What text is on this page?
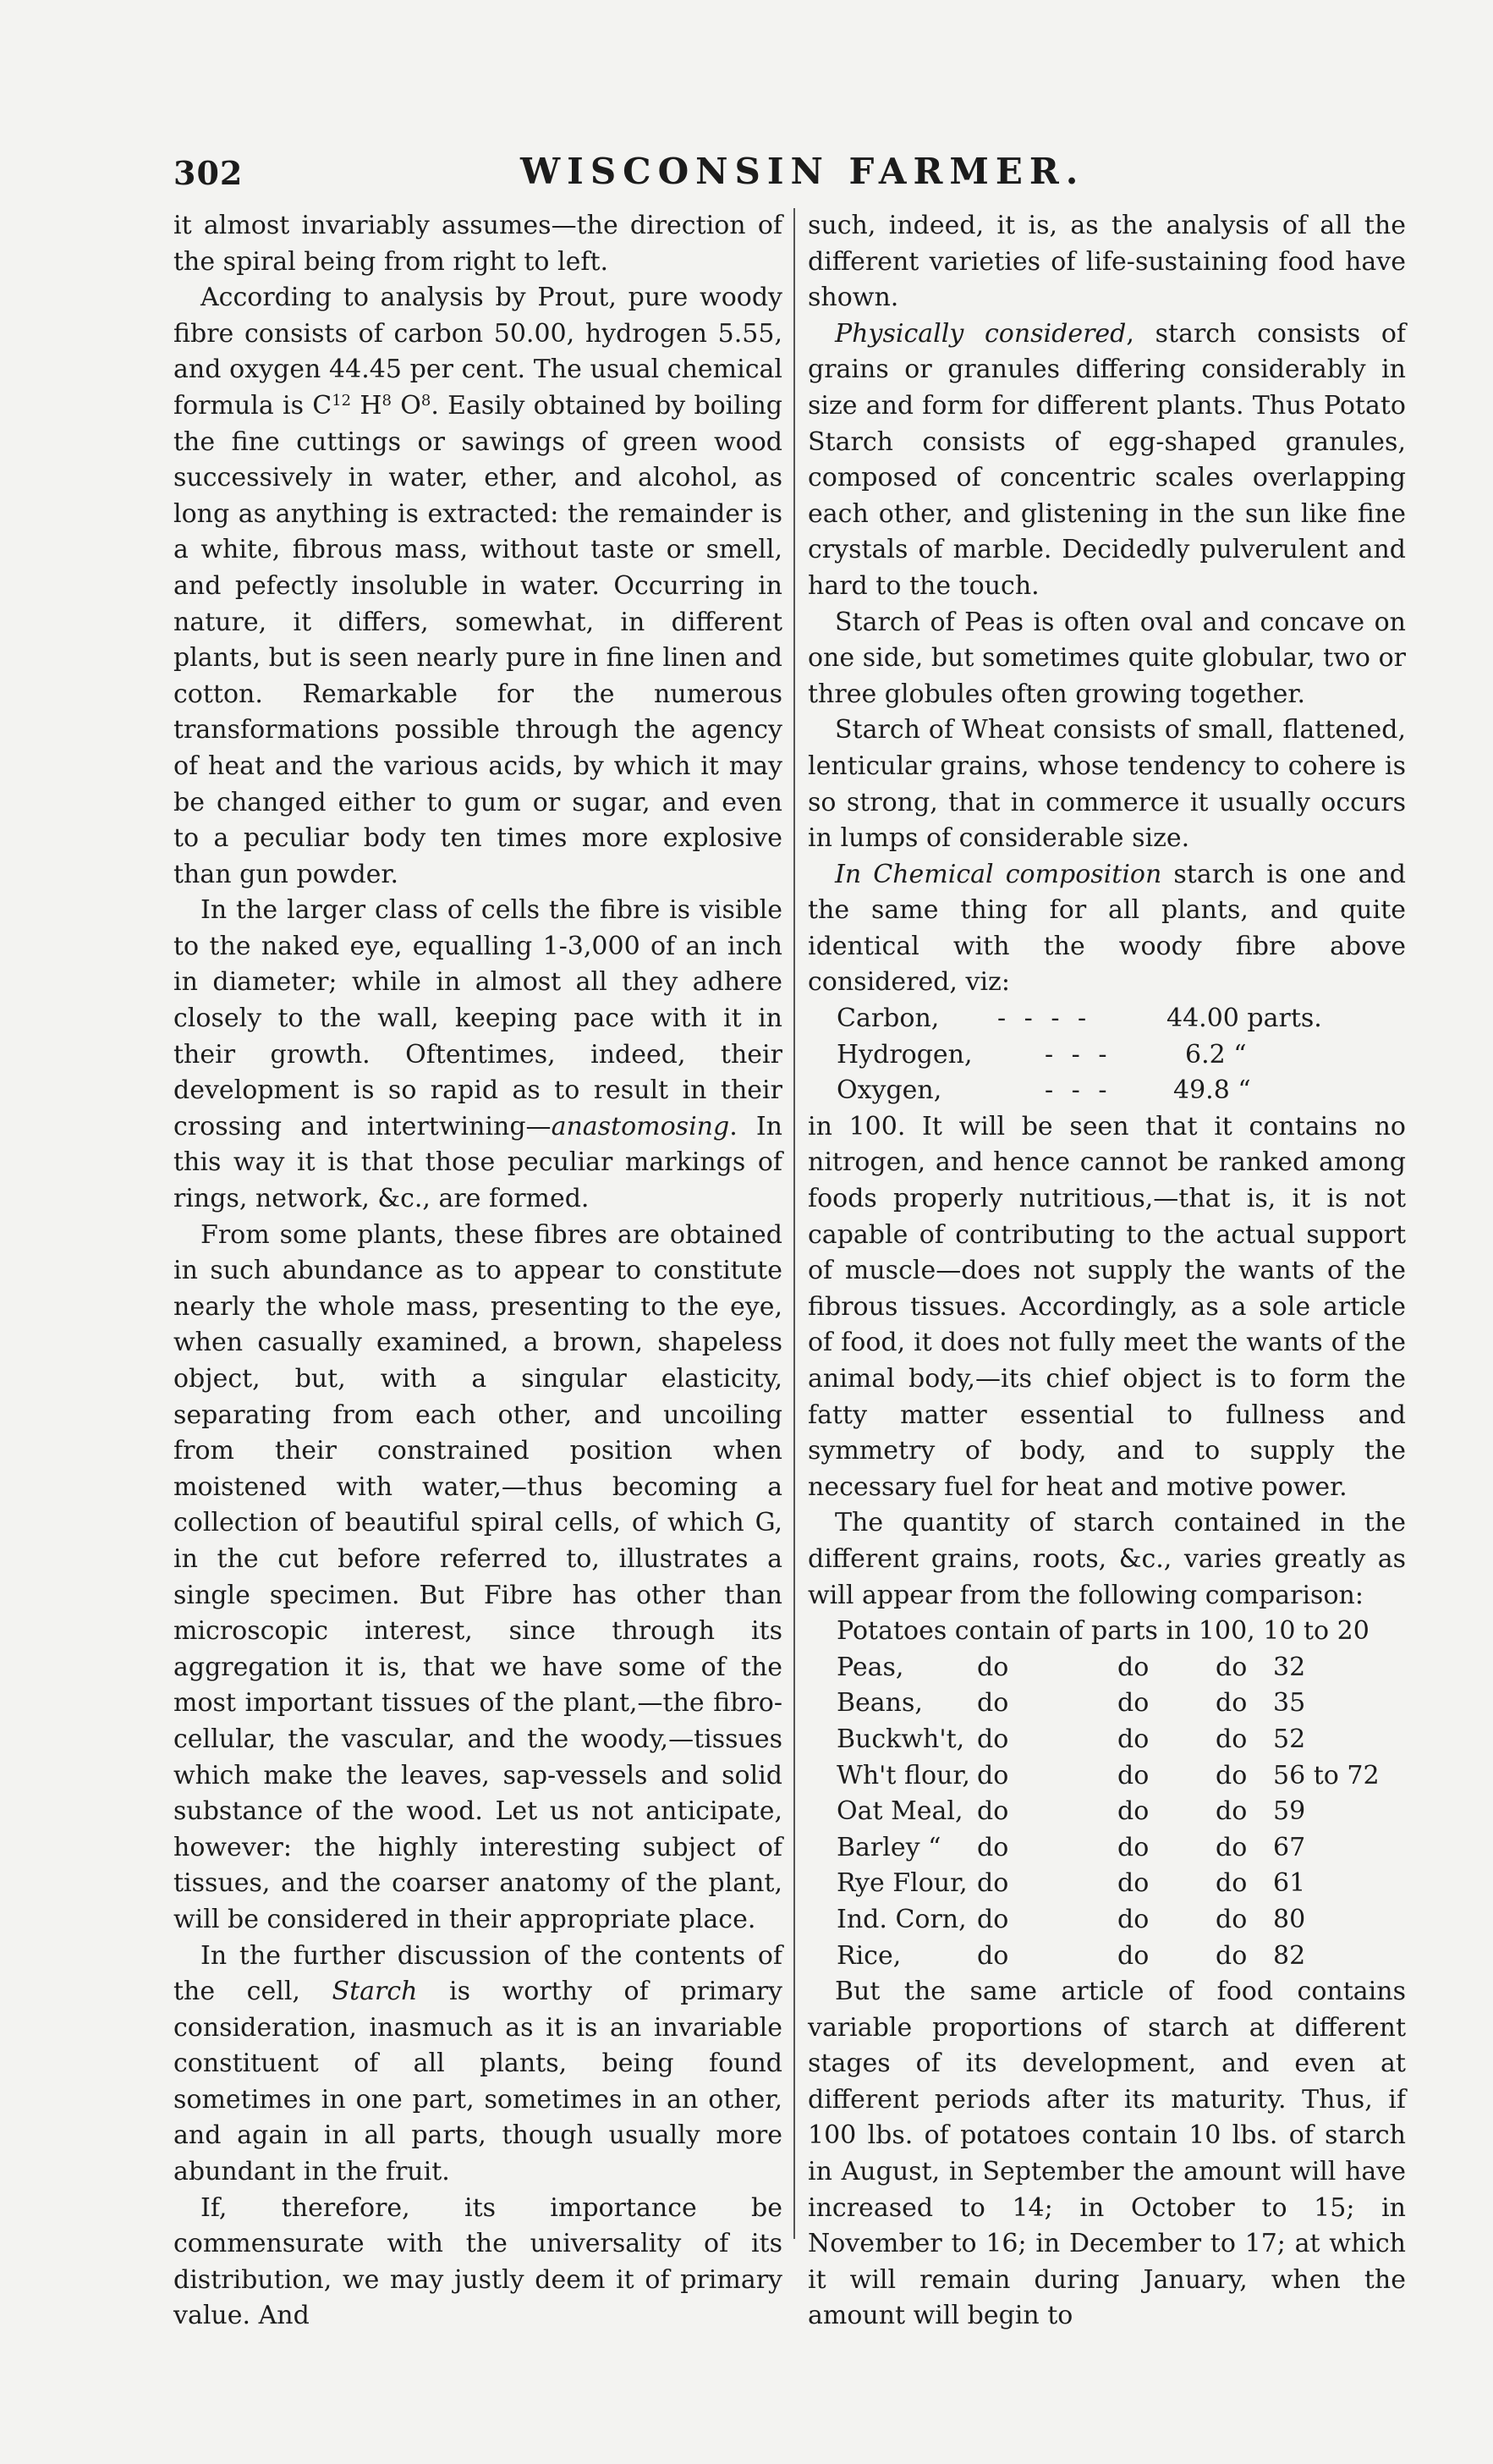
302	WISCONSIN FARMER.

it almost invariably assumes—the direction of the spiral being from right to left.

According to analysis by Prout, pure woody fibre consists of carbon 50.00, hydrogen 5.55, and oxygen 44.45 per cent. The usual chemical formula is $C^{12}$ $H^8$ $O^8$. Easily obtained by boiling the fine cuttings or sawings of green wood successively in water, ether, and alcohol, as long as anything is extracted: the remainder is a white, fibrous mass, without taste or smell, and pefectly insoluble in water. Occurring in nature, it differs, somewhat, in different plants, but is seen nearly pure in fine linen and cotton. Remarkable for the numerous transformations possible through the agency of heat and the various acids, by which it may be changed either to gum or sugar, and even to a peculiar body ten times more explosive than gun powder.

In the larger class of cells the fibre is visible to the naked eye, equalling 1-3,000 of an inch in diameter; while in almost all they adhere closely to the wall, keeping pace with it in their growth. Oftentimes, indeed, their development is so rapid as to result in their crossing and intertwining—anastomosing. In this way it is that those peculiar markings of rings, network, &c., are formed.

From some plants, these fibres are obtained in such abundance as to appear to constitute nearly the whole mass, presenting to the eye, when casually examined, a brown, shapeless object, but, with a singular elasticity, separating from each other, and uncoiling from their constrained position when moistened with water,—thus becoming a collection of beautiful spiral cells, of which G, in the cut before referred to, illustrates a single specimen. But Fibre has other than microscopic interest, since through its aggregation it is, that we have some of the most important tissues of the plant,—the fibro-cellular, the vascular, and the woody,—tissues which make the leaves, sap-vessels and solid substance of the wood. Let us not anticipate, however: the highly interesting subject of tissues, and the coarser anatomy of the plant, will be considered in their appropriate place.

In the further discussion of the contents of the cell, Starch is worthy of primary consideration, inasmuch as it is an invariable constituent of all plants, being found sometimes in one part, sometimes in an other, and again in all parts, though usually more abundant in the fruit.

If, therefore, its importance be commensurate with the universality of its distribution, we may justly deem it of primary value. And

such, indeed, it is, as the analysis of all the different varieties of life-sustaining food have shown.

Physically considered, starch consists of grains or granules differing considerably in size and form for different plants. Thus Potato Starch consists of egg-shaped granules, composed of concentric scales overlapping each other, and glistening in the sun like fine crystals of marble. Decidedly pulverulent and hard to the touch.

Starch of Peas is often oval and concave on one side, but sometimes quite globular, two or three globules often growing together.

Starch of Wheat consists of small, flattened, lenticular grains, whose tendency to cohere is so strong, that in commerce it usually occurs in lumps of considerable size.

In Chemical composition starch is one and the same thing for all plants, and quite identical with the woody fibre above considered, viz:

Carbon,	- - - -	44.00 parts.
Hydrogen,	- - -	6.2 “
Oxygen,	- - -	49.8 “

in 100. It will be seen that it contains no nitrogen, and hence cannot be ranked among foods properly nutritious,—that is, it is not capable of contributing to the actual support of muscle—does not supply the wants of the fibrous tissues. Accordingly, as a sole article of food, it does not fully meet the wants of the animal body,—its chief object is to form the fatty matter essential to fullness and symmetry of body, and to supply the necessary fuel for heat and motive power.

The quantity of starch contained in the different grains, roots, &c., varies greatly as will appear from the following comparison:

Potatoes contain of parts in 100, 10 to 20				
Peas,	do	do	do	32
Beans,	do	do	do	35
Buckwh't,	do	do	do	52
Wh't flour,	do	do	do	56 to 72
Oat Meal,	do	do	do	59
Barley “	do	do	do	67
Rye Flour,	do	do	do	61
Ind. Corn,	do	do	do	80
Rice,	do	do	do	82

But the same article of food contains variable proportions of starch at different stages of its development, and even at different periods after its maturity. Thus, if 100 lbs. of potatoes contain 10 lbs. of starch in August, in September the amount will have increased to 14; in October to 15; in November to 16; in December to 17; at which it will remain during January, when the amount will begin to
